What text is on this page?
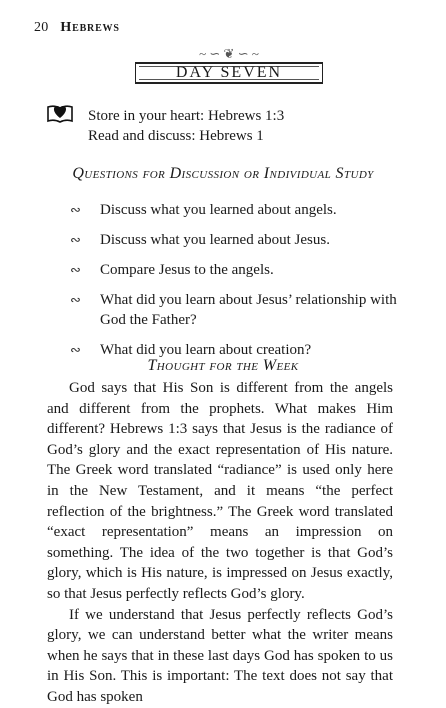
20 Hebrews
~ ∽ ❦ ∽ ~
DAY SEVEN
Store in your heart: Hebrews 1:3
Read and discuss: Hebrews 1
Questions for Discussion or Individual Study
∾ Discuss what you learned about angels.
∾ Discuss what you learned about Jesus.
∾ Compare Jesus to the angels.
∾ What did you learn about Jesus’ relationship with God the Father?
∾ What did you learn about creation?
Thought for the Week

God says that His Son is different from the angels and different from the prophets. What makes Him different? Hebrews 1:3 says that Jesus is the radiance of God’s glory and the exact representation of His nature. The Greek word translated “radiance” is used only here in the New Testament, and it means “the perfect reflection of the brightness.” The Greek word translated “exact representation” means an impression on something. The idea of the two together is that God’s glory, which is His nature, is impressed on Jesus exactly, so that Jesus perfectly reflects God’s glory.

If we understand that Jesus perfectly reflects God’s glory, we can understand better what the writer means when he says that in these last days God has spoken to us in His Son. This is important: The text does not say that God has spoken
